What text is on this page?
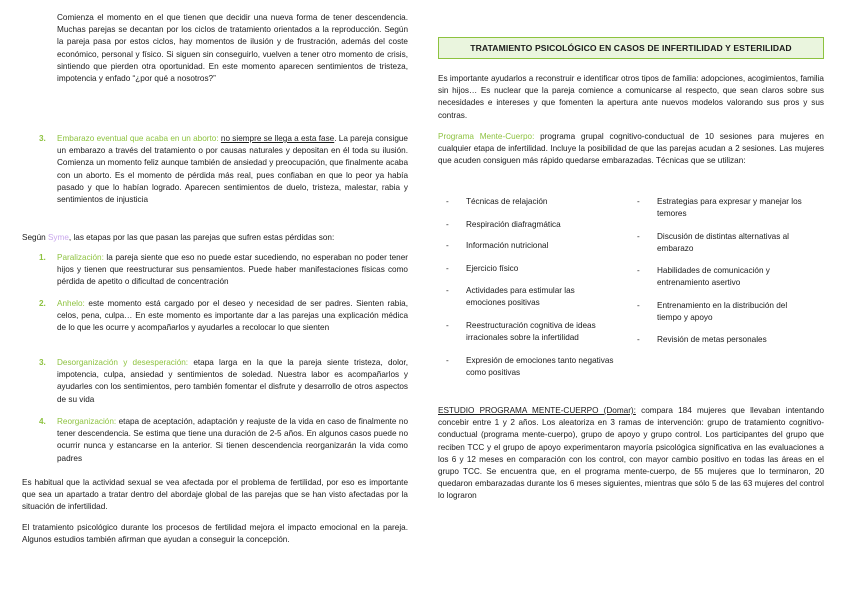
Comienza el momento en el que tienen que decidir una nueva forma de tener descendencia. Muchas parejas se decantan por los ciclos de tratamiento orientados a la reproducción. Según la pareja pasa por estos ciclos, hay momentos de ilusión y de frustración, además del coste económico, personal y físico. Si siguen sin conseguirlo, vuelven a tener otro momento de crisis, sintiendo que pierden otra oportunidad. En este momento aparecen sentimientos de tristeza, impotencia y enfado “¿por qué a nosotros?”

3. Embarazo eventual que acaba en un aborto: no siempre se llega a esta fase. La pareja consigue un embarazo a través del tratamiento o por causas naturales y depositan en él toda su ilusión. Comienza un momento feliz aunque también de ansiedad y preocupación, que finalmente acaba con un aborto. Es el momento de pérdida más real, pues confiaban en que lo peor ya había pasado y que lo habían logrado. Aparecen sentimientos de duelo, tristeza, malestar, rabia y sentimientos de injusticia

Según Syme, las etapas por las que pasan las parejas que sufren estas pérdidas son:

1. Paralización: la pareja siente que eso no puede estar sucediendo, no esperaban no poder tener hijos y tienen que reestructurar sus pensamientos. Puede haber manifestaciones físicas como pérdida de apetito o dificultad de concentración

2. Anhelo: este momento está cargado por el deseo y necesidad de ser padres. Sienten rabia, celos, pena, culpa… En este momento es importante dar a las parejas una explicación médica de lo que les ocurre y acompañarlos y ayudarles a recolocar lo que sienten

3. Desorganización y desesperación: etapa larga en la que la pareja siente tristeza, dolor, impotencia, culpa, ansiedad y sentimientos de soledad. Nuestra labor es acompañarlos y ayudarles con los sentimientos, pero también fomentar el disfrute y desarrollo de otros aspectos de su vida

4. Reorganización: etapa de aceptación, adaptación y reajuste de la vida en caso de finalmente no tener descendencia. Se estima que tiene una duración de 2-5 años. En algunos casos puede no ocurrir nunca y estancarse en la anterior. Si tienen descendencia reorganizarán la vida como padres

Es habitual que la actividad sexual se vea afectada por el problema de fertilidad, por eso es importante que sea un apartado a tratar dentro del abordaje global de las parejas que se han visto afectadas por la situación de infertilidad.

El tratamiento psicológico durante los procesos de fertilidad mejora el impacto emocional en la pareja. Algunos estudios también afirman que ayudan a conseguir la concepción.

TRATAMIENTO PSICOLÓGICO EN CASOS DE INFERTILIDAD Y ESTERILIDAD

Es importante ayudarlos a reconstruir e identificar otros tipos de familia: adopciones, acogimientos, familia sin hijos… Es nuclear que la pareja comience a comunicarse al respecto, que sean claros sobre sus necesidades e intereses y que fomenten la apertura ante nuevos modelos valorando sus pros y sus contras.

Programa Mente-Cuerpo: programa grupal cognitivo-conductual de 10 sesiones para mujeres en cualquier etapa de infertilidad. Incluye la posibilidad de que las parejas acudan a 2 sesiones. Las mujeres que acuden consiguen más rápido quedarse embarazadas. Técnicas que se utilizan:

- Técnicas de relajación
- Respiración diafragmática
- Información nutricional
- Ejercicio físico
- Actividades para estimular las emociones positivas
- Reestructuración cognitiva de ideas irracionales sobre la infertilidad
- Expresión de emociones tanto negativas como positivas
- Estrategias para expresar y manejar los temores
- Discusión de distintas alternativas al embarazo
- Habilidades de comunicación y entrenamiento asertivo
- Entrenamiento en la distribución del tiempo y apoyo
- Revisión de metas personales

ESTUDIO PROGRAMA MENTE-CUERPO (Domar): compara 184 mujeres que llevaban intentando concebir entre 1 y 2 años. Los aleatoriza en 3 ramas de intervención: grupo de tratamiento cognitivo-conductual (programa mente-cuerpo), grupo de apoyo y grupo control. Los participantes del grupo que reciben TCC y el grupo de apoyo experimentaron mayoría psicológica significativa en las evaluaciones a los 6 y 12 meses en comparación con los control, con mayor cambio positivo en todas las áreas en el grupo TCC. Se encuentra que, en el programa mente-cuerpo, de 55 mujeres que lo terminaron, 20 quedaron embarazadas durante los 6 meses siguientes, mientras que sólo 5 de las 63 mujeres del control lo lograron
